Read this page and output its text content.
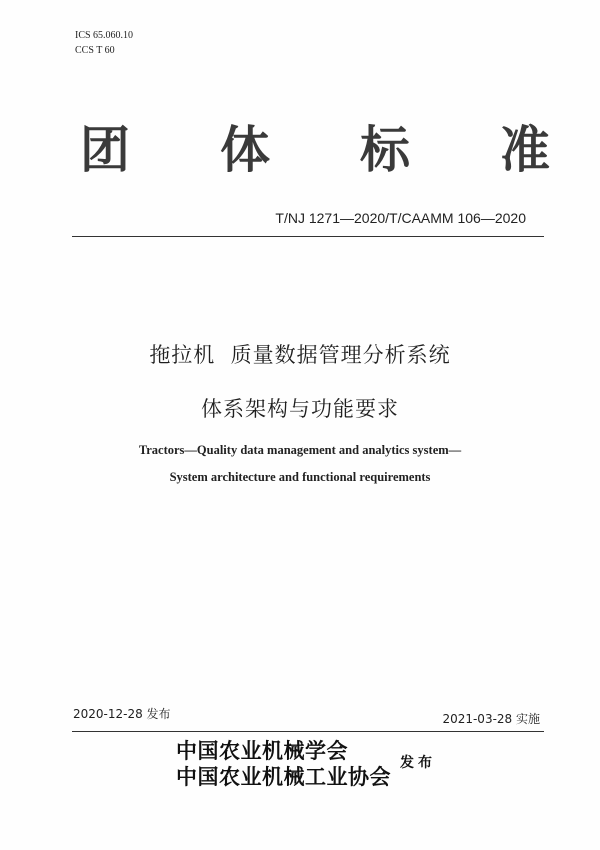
ICS 65.060.10
CCS T 60
团 体 标 准
T/NJ 1271—2020/T/CAAMM 106—2020
拖拉机  质量数据管理分析系统
体系架构与功能要求
Tractors—Quality data management and analytics system—
System architecture and functional requirements
2020-12-28 发布	2021-03-28 实施
中国农业机械学会
中国农业机械工业协会
发布
